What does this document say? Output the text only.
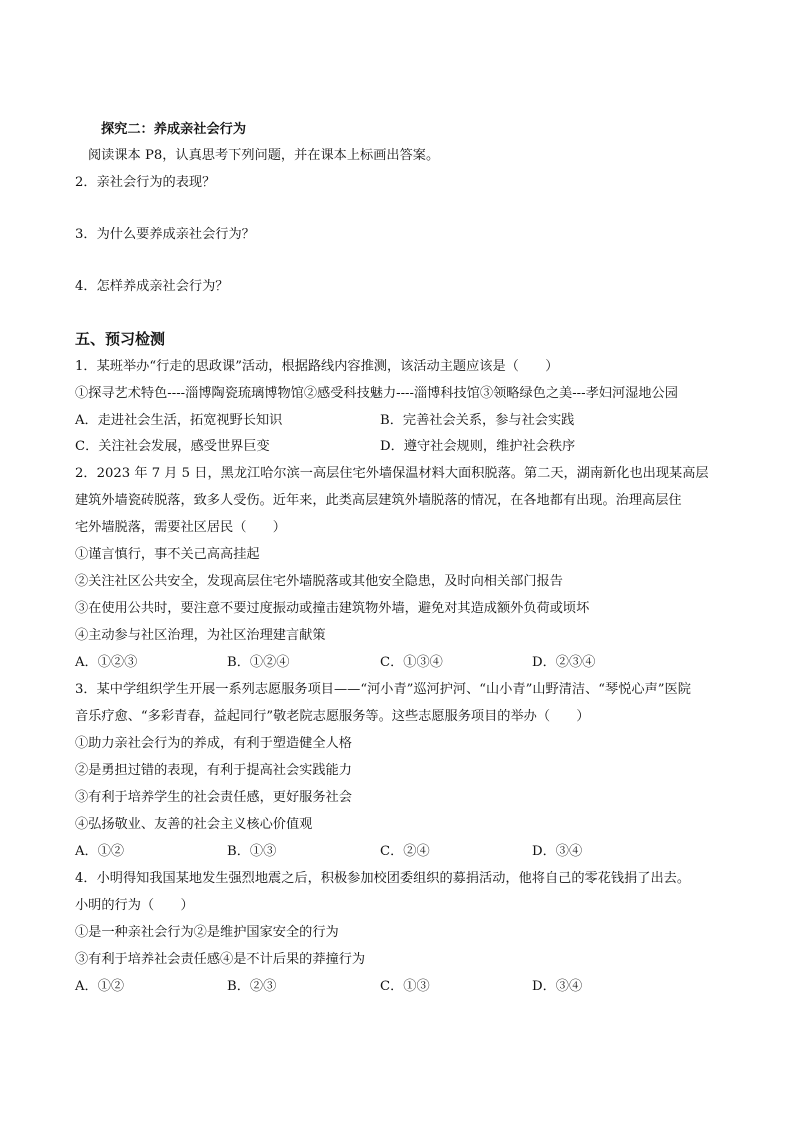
探究二：养成亲社会行为
阅读课本 P8，认真思考下列问题，并在课本上标画出答案。
2．亲社会行为的表现？
3．为什么要养成亲社会行为？
4．怎样养成亲社会行为？
五、预习检测
1．某班举办“行走的思政课”活动，根据路线内容推测，该活动主题应该是（　　）
①探寻艺术特色----淄博陶瓷琉璃博物馆②感受科技魅力----淄博科技馆③领略绿色之美---孝妇河湿地公园
A．走进社会生活，拓宽视野长知识	B．完善社会关系，参与社会实践
C．关注社会发展，感受世界巨变	D．遵守社会规则，维护社会秩序
2．2023 年 7 月 5 日，黑龙江哈尔滨一高层住宅外墙保温材料大面积脱落。第二天，湖南新化也出现某高层
建筑外墙瓷砖脱落，致多人受伤。近年来，此类高层建筑外墙脱落的情况，在各地都有出现。治理高层住
宅外墙脱落，需要社区居民（　　）
①谨言慎行，事不关己高高挂起
②关注社区公共安全，发现高层住宅外墙脱落或其他安全隐患，及时向相关部门报告
③在使用公共时，要注意不要过度振动或撞击建筑物外墙，避免对其造成额外负荷或顷坏
④主动参与社区治理，为社区治理建言献策
A．①②③	B．①②④	C．①③④	D．②③④
3．某中学组织学生开展一系列志愿服务项目——“河小青”巡河护河、“山小青”山野清洁、“琴悦心声”医院
音乐疗愈、“多彩青春，益起同行”敬老院志愿服务等。这些志愿服务项目的举办（　　）
①助力亲社会行为的养成，有利于塑造健全人格
②是勇担过错的表现，有利于提高社会实践能力
③有利于培养学生的社会责任感，更好服务社会
④弘扬敬业、友善的社会主义核心价值观
A．①②	B．①③	C．②④	D．③④
4．小明得知我国某地发生强烈地震之后，积极参加校团委组织的募捐活动，他将自己的零花钱捐了出去。
小明的行为（　　）
①是一种亲社会行为②是维护国家安全的行为
③有利于培养社会责任感④是不计后果的莽撞行为
A．①②	B．②③	C．①③	D．③④
